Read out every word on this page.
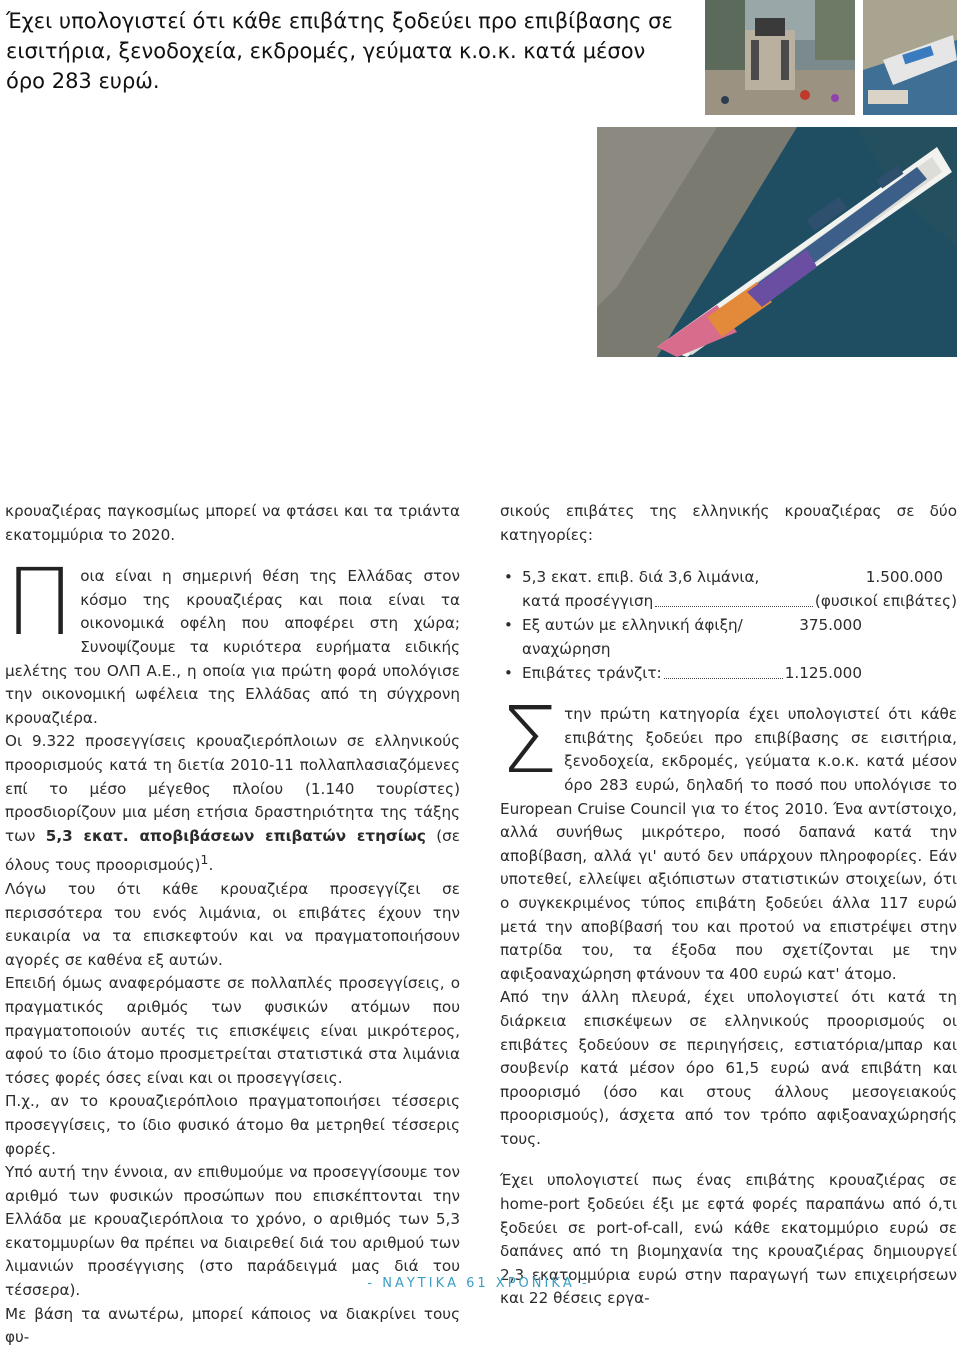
Έχει υπολογιστεί ότι κάθε επιβάτης ξοδεύει προ επιβίβασης σε εισιτήρια, ξενοδοχεία, εκδρομές, γεύματα κ.ο.κ. κατά μέσον όρο 283 ευρώ.

κρουαζιέρας παγκοσμίως μπορεί να φτάσει και τα τριάντα εκατομμύρια το 2020.

Π οια είναι η σημερινή θέση της Ελλάδας στον κόσμο της κρουαζιέρας και ποια είναι τα οικονομικά οφέλη που αποφέρει στη χώρα; Συνοψίζουμε τα κυριότερα ευρήματα ειδικής μελέτης του ΟΛΠ Α.Ε., η οποία για πρώτη φορά υπολόγισε την οικονομική ωφέλεια της Ελλάδας από τη σύγχρονη κρουαζιέρα.

Οι 9.322 προσεγγίσεις κρουαζιερόπλοιων σε ελληνικούς προορισμούς κατά τη διετία 2010-11 πολλαπλασιαζόμενες επί το μέσο μέγεθος πλοίου (1.140 τουρίστες) προσδιορίζουν μια μέση ετήσια δραστηριότητα της τάξης των 5,3 εκατ. αποβιβάσεων επιβατών ετησίως (σε όλους τους προορισμούς)$^1$.

Λόγω του ότι κάθε κρουαζιέρα προσεγγίζει σε περισσότερα του ενός λιμάνια, οι επιβάτες έχουν την ευκαιρία να τα επισκεφτούν και να πραγματοποιήσουν αγορές σε καθένα εξ αυτών.

Επειδή όμως αναφερόμαστε σε πολλαπλές προσεγγίσεις, ο πραγματικός αριθμός των φυσικών ατόμων που πραγματοποιούν αυτές τις επισκέψεις είναι μικρότερος, αφού το ίδιο άτομο προσμετρείται στατιστικά στα λιμάνια τόσες φορές όσες είναι και οι προσεγγίσεις.

Π.χ., αν το κρουαζιερόπλοιο πραγματοποιήσει τέσσερις προσεγγίσεις, το ίδιο φυσικό άτομο θα μετρηθεί τέσσερις φορές.

Υπό αυτή την έννοια, αν επιθυμούμε να προσεγγίσουμε τον αριθμό των φυσικών προσώπων που επισκέπτονται την Ελλάδα με κρουαζιερόπλοια το χρόνο, ο αριθμός των 5,3 εκατομμυρίων θα πρέπει να διαιρεθεί διά του αριθμού των λιμανιών προσέγγισης (στο παράδειγμά μας διά του τέσσερα).

Με βάση τα ανωτέρω, μπορεί κάποιος να διακρίνει τους φυ-

σικούς επιβάτες της ελληνικής κρουαζιέρας σε δύο κατηγορίες:

• 5,3 εκατ. επιβ. διά 3,6 λιμάνια,	1.500.000
κατά προσέγγιση	(φυσικοί επιβάτες)
• Εξ αυτών με ελληνική άφιξη/αναχώρηση
375.000
• Επιβάτες τράνζιτ:	1.125.000
Σ την πρώτη κατηγορία έχει υπολογιστεί ότι κάθε επιβάτης ξοδεύει προ επιβίβασης σε εισιτήρια, ξενοδοχεία, εκδρομές, γεύματα κ.ο.κ. κατά μέσον όρο 283 ευρώ, δηλαδή το ποσό που υπολόγισε το European Cruise Council για το έτος 2010. Ένα αντίστοιχο, αλλά συνήθως μικρότερο, ποσό δαπανά κατά την αποβίβαση, αλλά γι' αυτό δεν υπάρχουν πληροφορίες. Εάν υποτεθεί, ελλείψει αξιόπιστων στατιστικών στοιχείων, ότι ο συγκεκριμένος τύπος επιβάτη ξοδεύει άλλα 117 ευρώ μετά την αποβίβασή του και προτού να επιστρέψει στην πατρίδα του, τα έξοδα που σχετίζονται με την αφιξοαναχώρηση φτάνουν τα 400 ευρώ κατ' άτομο.

Από την άλλη πλευρά, έχει υπολογιστεί ότι κατά τη διάρκεια επισκέψεων σε ελληνικούς προορισμούς οι επιβάτες ξοδεύουν σε περιηγήσεις, εστιατόρια/μπαρ και σουβενίρ κατά μέσον όρο 61,5 ευρώ ανά επιβάτη και προορισμό (όσο και στους άλλους μεσογειακούς προορισμούς), άσχετα από τον τρόπο αφιξοαναχώρησής τους.

Έχει υπολογιστεί πως ένας επιβάτης κρουαζιέρας σε home-port ξοδεύει έξι με εφτά φορές παραπάνω από ό,τι ξοδεύει σε port-of-call, ενώ κάθε εκατομμύριο ευρώ σε δαπάνες από τη βιομηχανία της κρουαζιέρας δημιουργεί 2,3 εκατομμύρια ευρώ στην παραγωγή των επιχειρήσεων και 22 θέσεις εργα-

- ΝΑΥΤΙΚΑ 61 ΧΡΟΝΙΚΑ -
